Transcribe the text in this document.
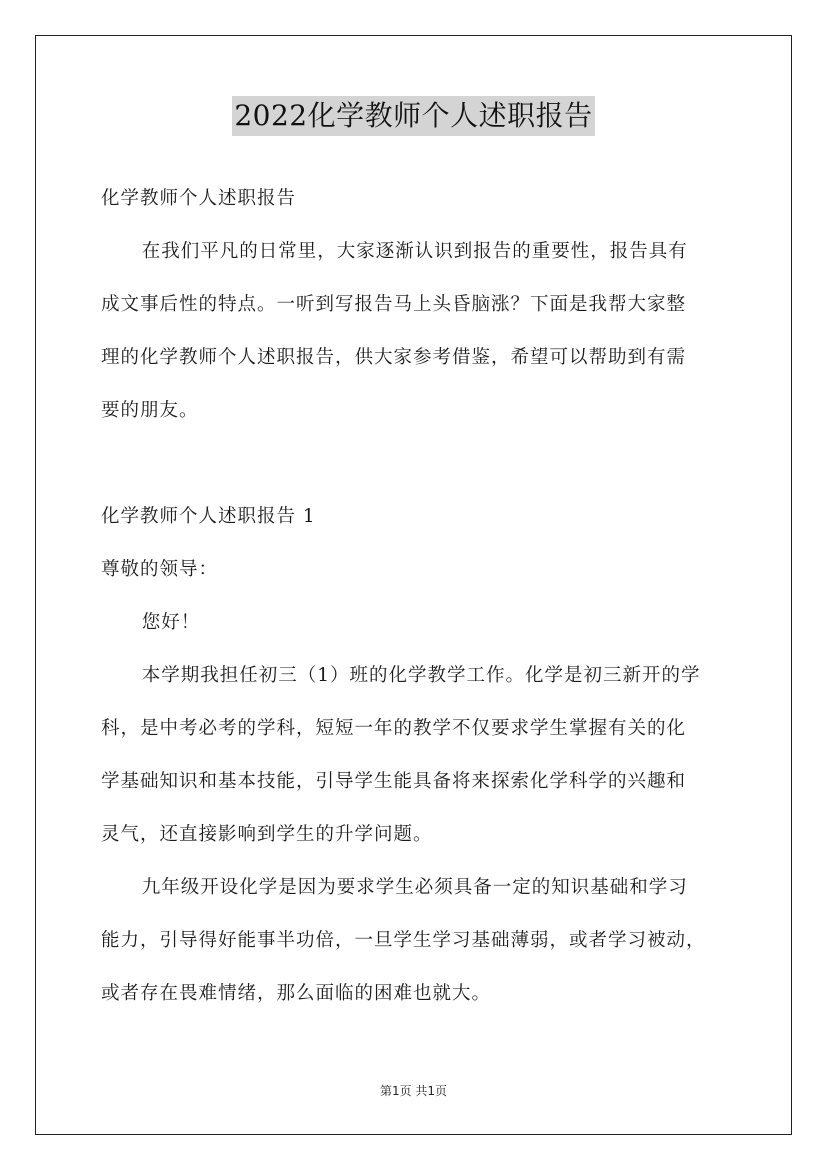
2022化学教师个人述职报告

化学教师个人述职报告

在我们平凡的日常里，大家逐渐认识到报告的重要性，报告具有

成文事后性的特点。一听到写报告马上头昏脑涨？下面是我帮大家整

理的化学教师个人述职报告，供大家参考借鉴，希望可以帮助到有需

要的朋友。

化学教师个人述职报告 1

尊敬的领导：

您好！

本学期我担任初三（1）班的化学教学工作。化学是初三新开的学

科，是中考必考的学科，短短一年的教学不仅要求学生掌握有关的化

学基础知识和基本技能，引导学生能具备将来探索化学科学的兴趣和

灵气，还直接影响到学生的升学问题。

九年级开设化学是因为要求学生必须具备一定的知识基础和学习

能力，引导得好能事半功倍，一旦学生学习基础薄弱，或者学习被动，

或者存在畏难情绪，那么面临的困难也就大。

第1页 共1页
